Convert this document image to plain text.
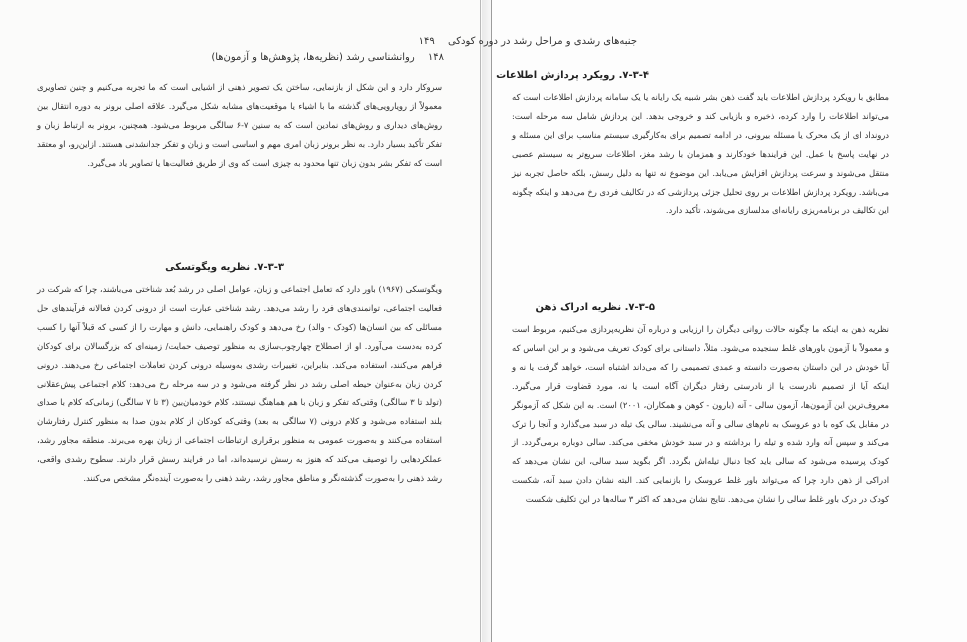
۱۴۸ روانشناسی رشد (نظریه‌ها، پژوهش‌ها و آزمون‌ها)

سروکار دارد و این شکل از بازنمایی، ساختن یک تصویر ذهنی از اشیایی است که ما تجربه می‌کنیم و چنین تصاویری معمولاً از رویارویی‌های گذشته ما با اشیاء یا موقعیت‌های مشابه شکل می‌گیرد. علاقه اصلی برونر به دوره انتقال بین روش‌های دیداری و روش‌های نمادین است که به سنین ۷-۶ سالگی مربوط می‌شود. همچنین، برونر به ارتباط زبان و تفکر تأکید بسیار دارد. به نظر برونر زبان امری مهم و اساسی است و زبان و تفکر جدانشدنی هستند. ازاین‌رو، او معتقد است که تفکر بشر بدون زبان تنها محدود به چیزی است که وی از طریق فعالیت‌ها یا تصاویر یاد می‌گیرد.

۷-۳-۳. نظریه ویگوتسکی

ویگوتسکی (۱۹۶۷) باور دارد که تعامل اجتماعی و زبان، عوامل اصلی در رشد بُعد شناختی می‌باشند، چرا که شرکت در فعالیت اجتماعی، توانمندی‌های فرد را رشد می‌دهد. رشد شناختی عبارت است از درونی کردن فعالانه فرآیندهای حل مسائلی که بین انسان‌ها (کودک - والد) رخ می‌دهد و کودک راهنمایی، دانش و مهارت را از کسی که قبلاً آنها را کسب کرده به‌دست می‌آورد. او از اصطلاح چهارچوب‌سازی به منظور توصیف حمایت/ زمینه‌ای که بزرگسالان برای کودکان فراهم می‌کنند، استفاده می‌کند. بنابراین، تغییرات رشدی به‌وسیله درونی کردن تعاملات اجتماعی رخ می‌دهند. درونی کردن زبان به‌عنوان حیطه اصلی رشد در نظر گرفته می‌شود و در سه مرحله رخ می‌دهد: کلام اجتماعی پیش‌عقلانی (تولد تا ۳ سالگی) وقتی‌که تفکر و زبان با هم هماهنگ نیستند، کلام خودمیان‌بین (۳ تا ۷ سالگی) زمانی‌که کلام با صدای بلند استفاده می‌شود و کلام درونی (۷ سالگی به بعد) وقتی‌که کودکان از کلام بدون صدا به منظور کنترل رفتارشان استفاده می‌کنند و به‌صورت عمومی به منظور برقراری ارتباطات اجتماعی از زبان بهره می‌برند. منطقه مجاور رشد، عملکردهایی را توصیف می‌کند که هنوز به رسش نرسیده‌اند، اما در فرایند رسش قرار دارند. سطوح رشدی واقعی، رشد ذهنی را به‌صورت گذشته‌نگر و مناطق مجاور رشد، رشد ذهنی را به‌صورت آینده‌نگر مشخص می‌کنند.

جنبه‌های رشدی و مراحل رشد در دوره کودکی ۱۴۹
۷-۳-۴. رویکرد پردازش اطلاعات

مطابق با رویکرد پردازش اطلاعات باید گفت ذهن بشر شبیه یک رایانه یا یک سامانه پردازش اطلاعات است که می‌تواند اطلاعات را وارد کرده، ذخیره و بازیابی کند و خروجی بدهد. این پردازش شامل سه مرحله است: درونداد ای از یک محرک یا مسئله بیرونی، در ادامه تصمیم برای به‌کارگیری سیستم مناسب برای این مسئله و در نهایت پاسخ یا عمل. این فرایندها خودکارند و همزمان با رشد مغز، اطلاعات سریع‌تر به سیستم عصبی منتقل می‌شوند و سرعت پردازش افزایش می‌یابد. این موضوع نه تنها به دلیل رسش، بلکه حاصل تجربه نیز می‌باشد. رویکرد پردازش اطلاعات بر روی تحلیل جزئی پردازشی که در تکالیف فردی رخ می‌دهد و اینکه چگونه این تکالیف در برنامه‌ریزی رایانه‌ای مدلسازی می‌شوند، تأکید دارد.

۷-۳-۵. نظریه ادراک ذهن

نظریه ذهن به اینکه ما چگونه حالات روانی دیگران را ارزیابی و درباره آن نظریه‌پردازی می‌کنیم، مربوط است و معمولاً با آزمون باورهای غلط سنجیده می‌شود. مثلاً، داستانی برای کودک تعریف می‌شود و بر این اساس که آیا خودش در این داستان به‌صورت دانسته و عمدی تصمیمی را که می‌داند اشتباه است، خواهد گرفت یا نه و اینکه آیا از تصمیم نادرست یا از نادرستی رفتار دیگران آگاه است یا نه، مورد قضاوت قرار می‌گیرد. معروف‌ترین این آزمون‌ها، آزمون سالی - آنه (بارون - کوهن و همکاران، ۲۰۰۱) است. به این شکل که آزمونگر در مقابل یک کوه با دو عروسک به نام‌های سالی و آنه می‌نشیند. سالی یک تیله در سبد می‌گذارد و آنجا را ترک می‌کند و سپس آنه وارد شده و تیله را برداشته و در سبد خودش مخفی می‌کند. سالی دوباره برمی‌گردد. از کودک پرسیده می‌شود که سالی باید کجا دنبال تیله‌اش بگردد. اگر بگوید سبد سالی، این نشان می‌دهد که ادراکی از ذهن دارد چرا که می‌تواند باور غلط عروسک را بازنمایی کند. البته نشان دادن سبد آنه، شکست کودک در درک باور غلط سالی را نشان می‌دهد. نتایج نشان می‌دهد که اکثر ۳ ساله‌ها در این تکلیف شکست
